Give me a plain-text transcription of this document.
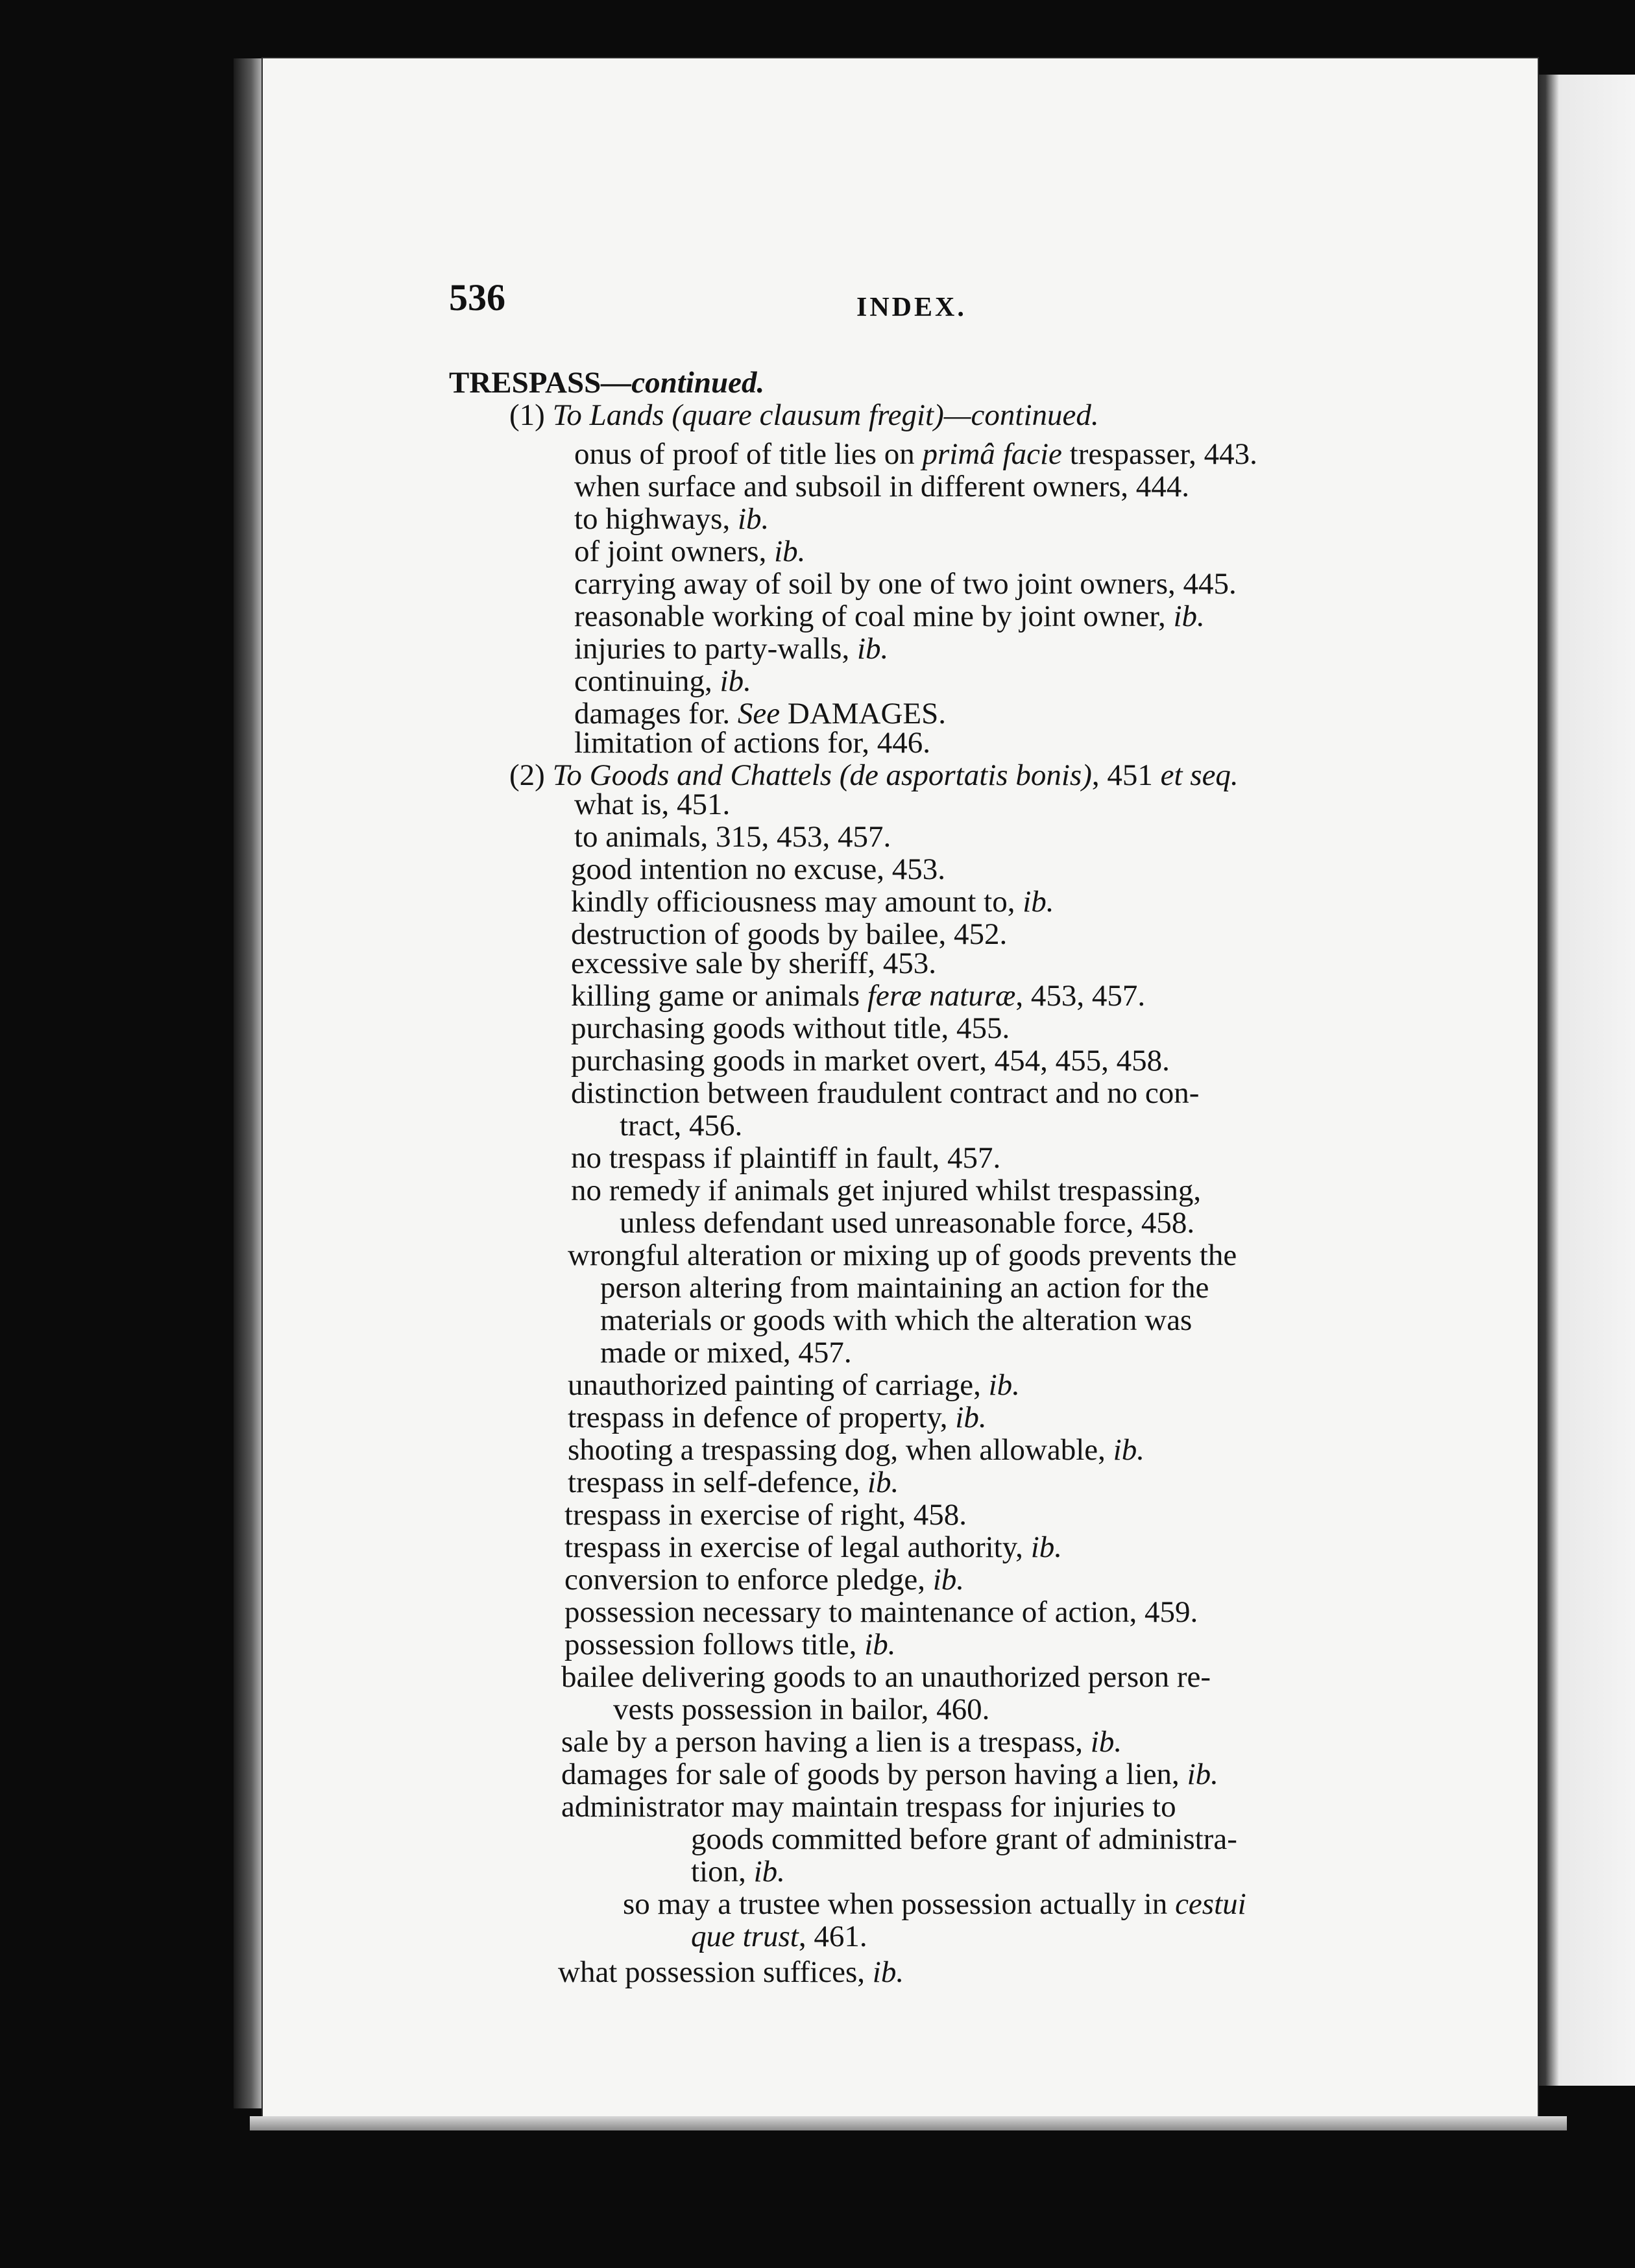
536	INDEX.
TRESPASS—continued.
(1) To Lands (quare clausum fregit)—continued.
onus of proof of title lies on primâ facie trespasser, 443.
when surface and subsoil in different owners, 444.
to highways, ib.
of joint owners, ib.
carrying away of soil by one of two joint owners, 445.
reasonable working of coal mine by joint owner, ib.
injuries to party-walls, ib.
continuing, ib.
damages for. See DAMAGES.
limitation of actions for, 446.
(2) To Goods and Chattels (de asportatis bonis), 451 et seq.
what is, 451.
to animals, 315, 453, 457.
good intention no excuse, 453.
kindly officiousness may amount to, ib.
destruction of goods by bailee, 452.
excessive sale by sheriff, 453.
killing game or animals feræ naturæ, 453, 457.
purchasing goods without title, 455.
purchasing goods in market overt, 454, 455, 458.
distinction between fraudulent contract and no con-
tract, 456.
no trespass if plaintiff in fault, 457.
no remedy if animals get injured whilst trespassing,
unless defendant used unreasonable force, 458.
wrongful alteration or mixing up of goods prevents the
person altering from maintaining an action for the
materials or goods with which the alteration was
made or mixed, 457.
unauthorized painting of carriage, ib.
trespass in defence of property, ib.
shooting a trespassing dog, when allowable, ib.
trespass in self-defence, ib.
trespass in exercise of right, 458.
trespass in exercise of legal authority, ib.
conversion to enforce pledge, ib.
possession necessary to maintenance of action, 459.
possession follows title, ib.
bailee delivering goods to an unauthorized person re-
vests possession in bailor, 460.
sale by a person having a lien is a trespass, ib.
damages for sale of goods by person having a lien, ib.
administrator may maintain trespass for injuries to
goods committed before grant of administra-
tion, ib.
so may a trustee when possession actually in cestui
que trust, 461.
what possession suffices, ib.
